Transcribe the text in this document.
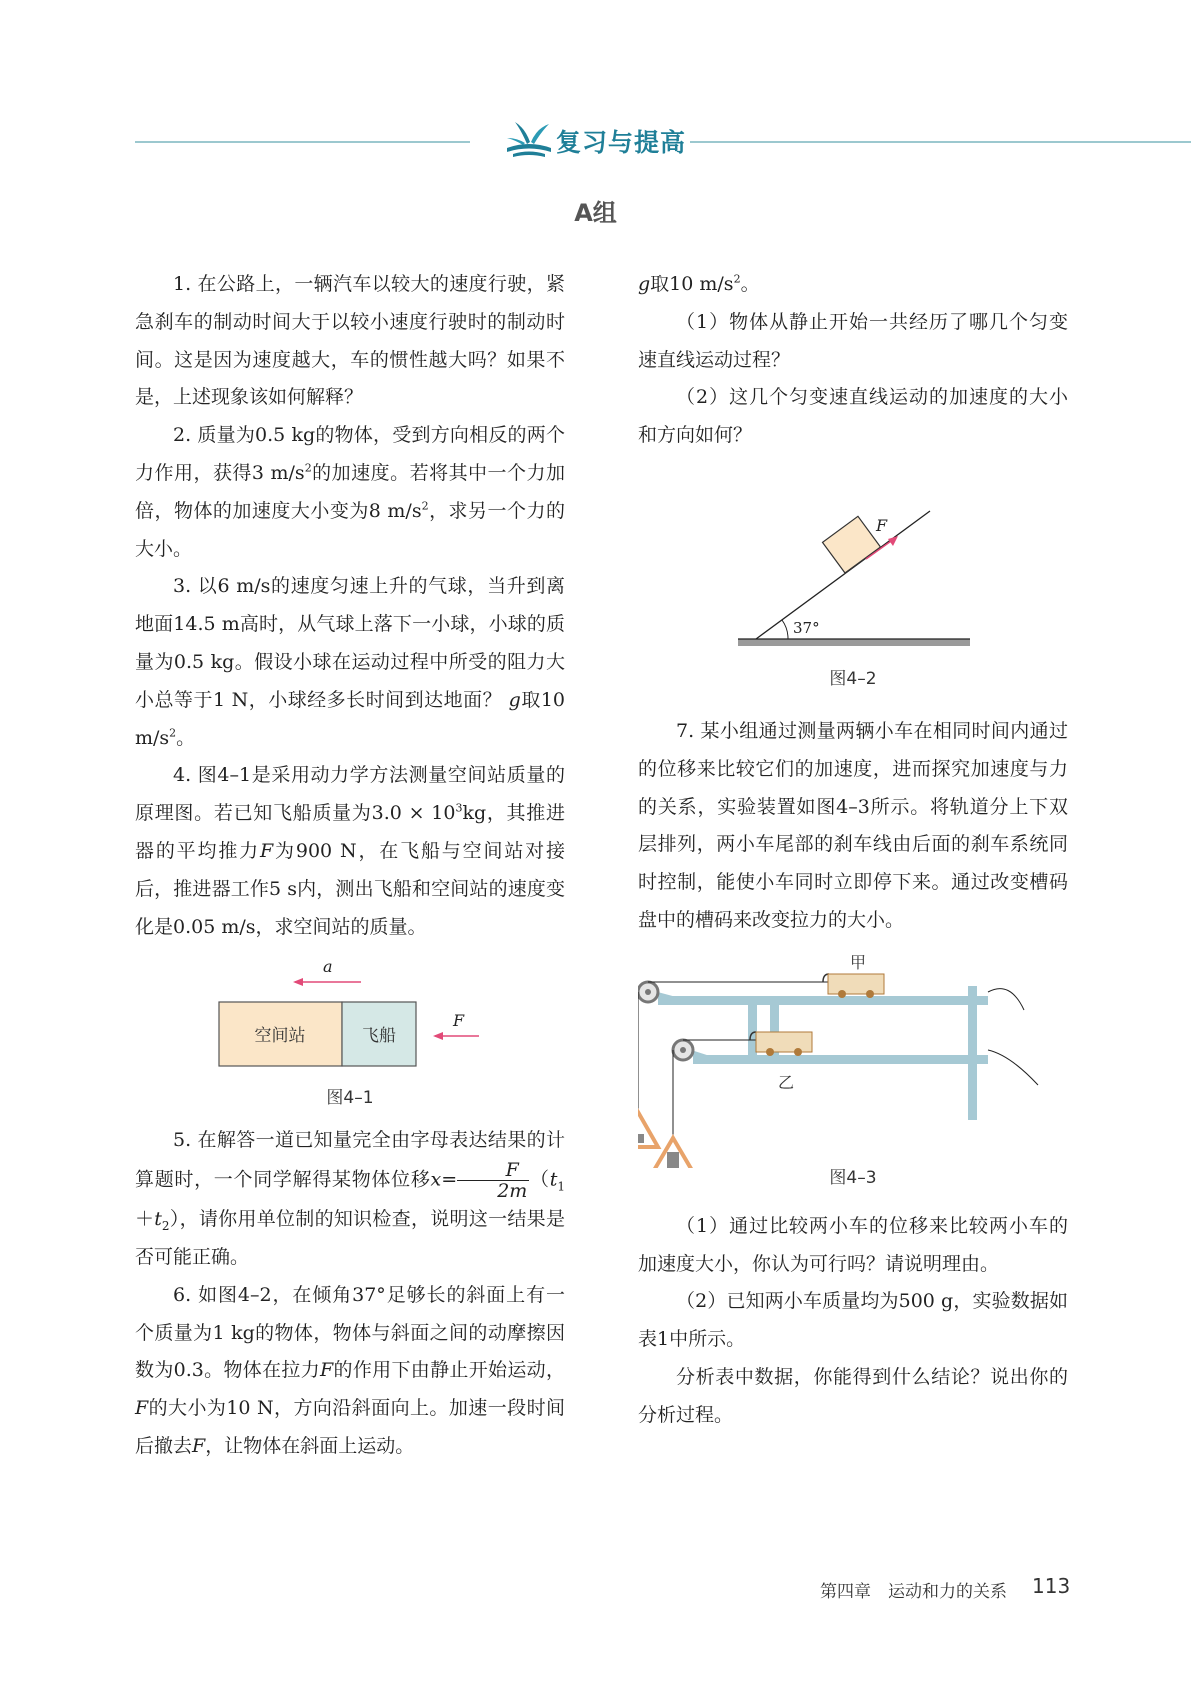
复习与提高
A组

1. 在公路上，一辆汽车以较大的速度行驶，紧急刹车的制动时间大于以较小速度行驶时的制动时间。这是因为速度越大，车的惯性越大吗？如果不是，上述现象该如何解释？

2. 质量为0.5 kg的物体，受到方向相反的两个力作用，获得3 $m/s^2$的加速度。若将其中一个力加倍，物体的加速度大小变为8 $m/s^2$，求另一个力的大小。

3. 以6 m/s的速度匀速上升的气球，当升到离地面14.5 m高时，从气球上落下一小球，小球的质量为0.5 kg。假设小球在运动过程中所受的阻力大小总等于1 N，小球经多长时间到达地面？ g取10 $m/s^2$。

4. 图4–1是采用动力学方法测量空间站质量的原理图。若已知飞船质量为$3.0 \times 10^3kg$，其推进器的平均推力F为900 N，在飞船与空间站对接后，推进器工作5 s内，测出飞船和空间站的速度变化是0.05 m/s，求空间站的质量。

a
空间站	飞船
F
图4–1

5. 在解答一道已知量完全由字母表达结果的计算题时，一个同学解得某物体位移$x= \frac{F}{2m} (t_1+t_2)$，请你用单位制的知识检查，说明这一结果是否可能正确。

6. 如图4–2，在倾角37°足够长的斜面上有一个质量为1 kg的物体，物体与斜面之间的动摩擦因数为0.3。物体在拉力F的作用下由静止开始运动，F的大小为10 N，方向沿斜面向上。加速一段时间后撤去F，让物体在斜面上运动。

g取10 $m/s^2$。

（1）物体从静止开始一共经历了哪几个匀变速直线运动过程？

（2）这几个匀变速直线运动的加速度的大小和方向如何？

37°
F
图4–2

7. 某小组通过测量两辆小车在相同时间内通过的位移来比较它们的加速度，进而探究加速度与力的关系，实验装置如图4–3所示。将轨道分上下双层排列，两小车尾部的刹车线由后面的刹车系统同时控制，能使小车同时立即停下来。通过改变槽码盘中的槽码来改变拉力的大小。

甲
乙
图4–3

（1）通过比较两小车的位移来比较两小车的加速度大小，你认为可行吗？请说明理由。

（2）已知两小车质量均为500 g，实验数据如表1中所示。

分析表中数据，你能得到什么结论？说出你的分析过程。

第四章　运动和力的关系 113
